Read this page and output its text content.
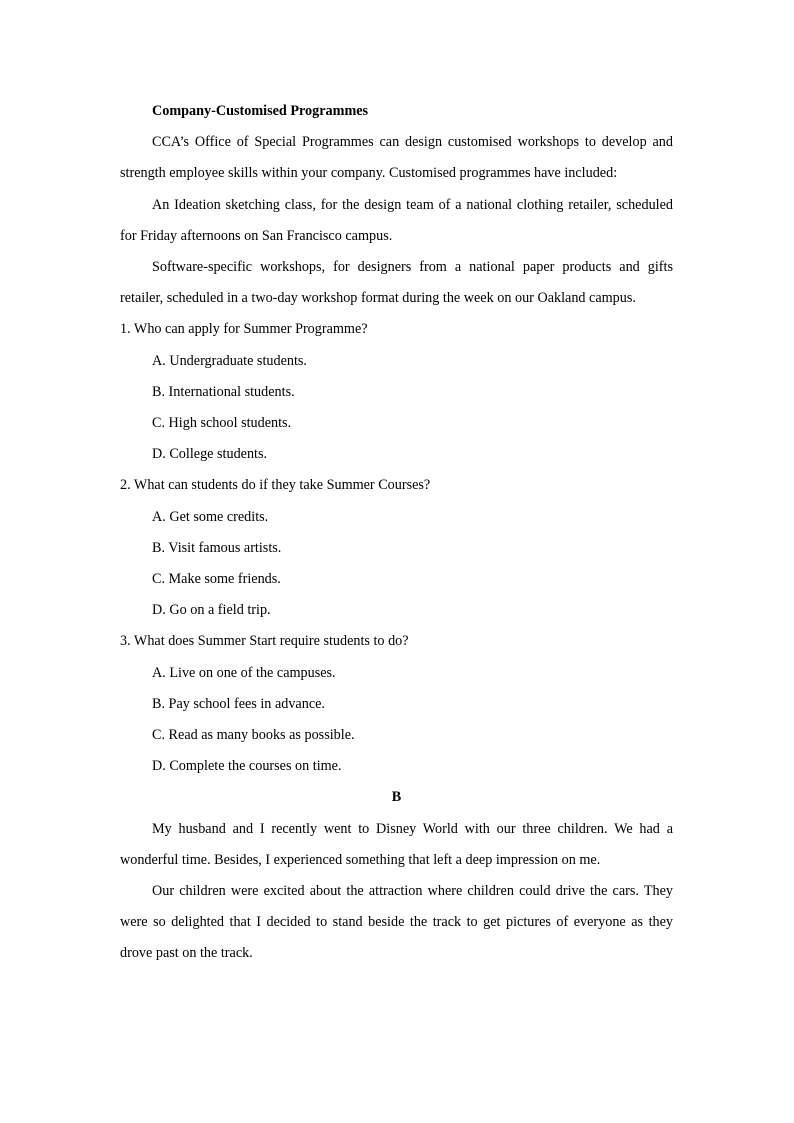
Company-Customised Programmes

CCA’s Office of Special Programmes can design customised workshops to develop and strength employee skills within your company. Customised programmes have included:

An Ideation sketching class, for the design team of a national clothing retailer, scheduled for Friday afternoons on San Francisco campus.

Software-specific workshops, for designers from a national paper products and gifts retailer, scheduled in a two-day workshop format during the week on our Oakland campus.

1. Who can apply for Summer Programme?

A. Undergraduate students.
B. International students.
C. High school students.
D. College students.

2. What can students do if they take Summer Courses?

A. Get some credits.
B. Visit famous artists.
C. Make some friends.
D. Go on a field trip.

3. What does Summer Start require students to do?

A. Live on one of the campuses.
B. Pay school fees in advance.
C. Read as many books as possible.
D. Complete the courses on time.

B

My husband and I recently went to Disney World with our three children. We had a wonderful time. Besides, I experienced something that left a deep impression on me.

Our children were excited about the attraction where children could drive the cars. They were so delighted that I decided to stand beside the track to get pictures of everyone as they drove past on the track.
